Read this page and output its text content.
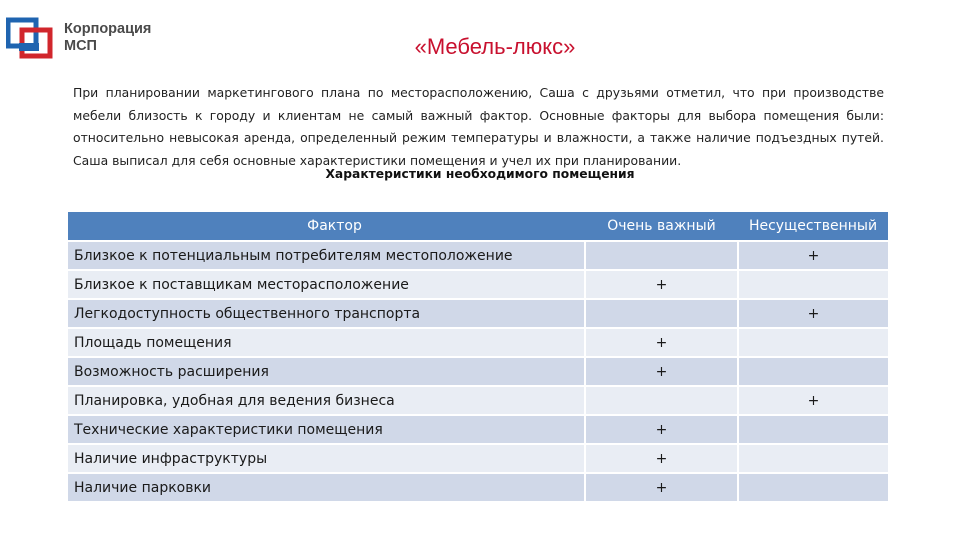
Корпорация
МСП	«Мебель-люкс»

При планировании маркетингового плана по месторасположению, Саша с друзьями отметил, что при производстве мебели близость к городу и клиентам не самый важный фактор. Основные факторы для выбора помещения были: относительно невысокая аренда, определенный режим температуры и влажности, а также наличие подъездных путей. Саша выписал для себя основные характеристики помещения и учел их при планировании.

Характеристики необходимого помещения
Фактор	Очень важный	Несущественный
Близкое к потенциальным потребителям местоположение		+
Близкое к поставщикам месторасположение	+	
Легкодоступность общественного транспорта		+
Площадь помещения	+	
Возможность расширения	+	
Планировка, удобная для ведения бизнеса		+
Технические характеристики помещения	+	
Наличие инфраструктуры	+	
Наличие парковки	+	
